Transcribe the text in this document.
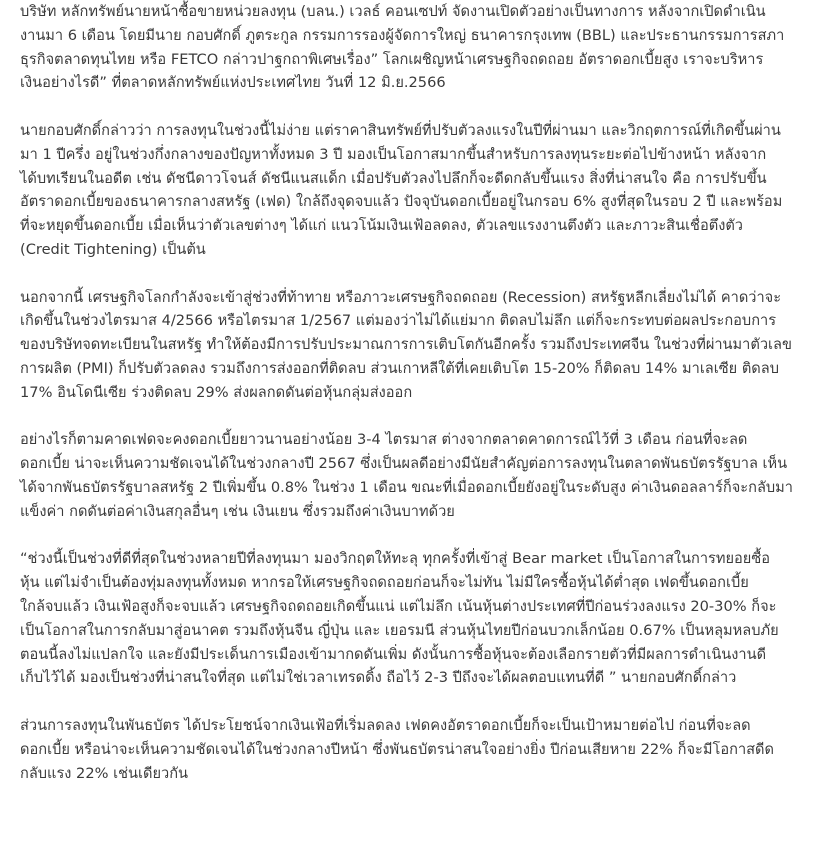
บริษัท หลักทรัพย์นายหน้าซื้อขายหน่วยลงทุน (บลน.) เวลธ์ คอนเซปท์ จัดงานเปิดตัวอย่างเป็นทางการ หลังจากเปิดดำเนิน
งานมา 6 เดือน โดยมีนาย กอบศักดิ์ ภูตระกูล กรรมการรองผู้จัดการใหญ่ ธนาคารกรุงเทพ (BBL) และประธานกรรมการสภา
ธุรกิจตลาดทุนไทย หรือ FETCO กล่าวปาฐกถาพิเศษเรื่อง” โลกเผชิญหน้าเศรษฐกิจถดถอย อัตราดอกเบี้ยสูง เราจะบริหาร
เงินอย่างไรดี” ที่ตลาดหลักทรัพย์แห่งประเทศไทย วันที่ 12 มิ.ย.2566

นายกอบศักดิ์กล่าวว่า การลงทุนในช่วงนี้ไม่ง่าย แต่ราคาสินทรัพย์ที่ปรับตัวลงแรงในปีที่ผ่านมา และวิกฤตการณ์ที่เกิดขึ้นผ่าน
มา 1 ปีครึ่ง อยู่ในช่วงกึ่งกลางของปัญหาทั้งหมด 3 ปี มองเป็นโอกาสมากขึ้นสำหรับการลงทุนระยะต่อไปข้างหน้า หลังจาก
ได้บทเรียนในอดีต เช่น ดัชนีดาวโจนส์ ดัชนีแนสแด็ก เมื่อปรับตัวลงไปลึกก็จะดีดกลับขึ้นแรง สิ่งที่น่าสนใจ คือ การปรับขึ้น
อัตราดอกเบี้ยของธนาคารกลางสหรัฐ (เฟด) ใกล้ถึงจุดจบแล้ว ปัจจุบันดอกเบี้ยอยู่ในกรอบ 6% สูงที่สุดในรอบ 2 ปี และพร้อม
ที่จะหยุดขึ้นดอกเบี้ย เมื่อเห็นว่าตัวเลขต่างๆ ได้แก่ แนวโน้มเงินเฟ้อลดลง, ตัวเลขแรงงานตึงตัว และภาวะสินเชื่อตึงตัว
(Credit Tightening) เป็นต้น

นอกจากนี้ เศรษฐกิจโลกกำลังจะเข้าสู่ช่วงที่ท้าทาย หรือภาวะเศรษฐกิจถดถอย (Recession) สหรัฐหลีกเลี่ยงไม่ได้ คาดว่าจะ
เกิดขึ้นในช่วงไตรมาส 4/2566 หรือไตรมาส 1/2567 แต่มองว่าไม่ได้แย่มาก ติดลบไม่ลึก แต่ก็จะกระทบต่อผลประกอบการ
ของบริษัทจดทะเบียนในสหรัฐ ทำให้ต้องมีการปรับประมาณการการเติบโตกันอีกครั้ง รวมถึงประเทศจีน ในช่วงที่ผ่านมาตัวเลข
การผลิต (PMI) ก็ปรับตัวลดลง รวมถึงการส่งออกที่ติดลบ ส่วนเกาหลีใต้ที่เคยเติบโต 15-20% ก็ติดลบ 14% มาเลเซีย ติดลบ
17% อินโดนีเซีย ร่วงติดลบ 29% ส่งผลกดดันต่อหุ้นกลุ่มส่งออก

อย่างไรก็ตามคาดเฟดจะคงดอกเบี้ยยาวนานอย่างน้อย 3-4 ไตรมาส ต่างจากตลาดคาดการณ์ไว้ที่ 3 เดือน ก่อนที่จะลด
ดอกเบี้ย น่าจะเห็นความชัดเจนได้ในช่วงกลางปี 2567 ซึ่งเป็นผลดีอย่างมีนัยสำคัญต่อการลงทุนในตลาดพันธบัตรรัฐบาล เห็น
ได้จากพันธบัตรรัฐบาลสหรัฐ 2 ปีเพิ่มขึ้น 0.8% ในช่วง 1 เดือน ขณะที่เมื่อดอกเบี้ยยังอยู่ในระดับสูง ค่าเงินดอลลาร์ก็จะกลับมา
แข็งค่า กดดันต่อค่าเงินสกุลอื่นๆ เช่น เงินเยน ซึ่งรวมถึงค่าเงินบาทด้วย

“ช่วงนี้เป็นช่วงที่ดีที่สุดในช่วงหลายปีที่ลงทุนมา มองวิกฤตให้ทะลุ ทุกครั้งที่เข้าสู่ Bear market เป็นโอกาสในการทยอยซื้อ
หุ้น แต่ไม่จำเป็นต้องทุ่มลงทุนทั้งหมด หากรอให้เศรษฐกิจถดถอยก่อนก็จะไม่ทัน ไม่มีใครซื้อหุ้นได้ต่ำสุด เฟดขึ้นดอกเบี้ย
ใกล้จบแล้ว เงินเฟ้อสูงก็จะจบแล้ว เศรษฐกิจถดถอยเกิดขึ้นแน่ แต่ไม่ลึก เน้นหุ้นต่างประเทศที่ปีก่อนร่วงลงแรง 20-30% ก็จะ
เป็นโอกาสในการกลับมาสู่อนาคต รวมถึงหุ้นจีน ญี่ปุ่น และ เยอรมนี ส่วนหุ้นไทยปีก่อนบวกเล็กน้อย 0.67% เป็นหลุมหลบภัย
ตอนนี้ลงไม่แปลกใจ และยังมีประเด็นการเมืองเข้ามากดดันเพิ่ม ดังนั้นการซื้อหุ้นจะต้องเลือกรายตัวที่มีผลการดำเนินงานดี
เก็บไว้ได้ มองเป็นช่วงที่น่าสนใจที่สุด แต่ไม่ใช่เวลาเทรดดิ้ง ถือไว้ 2-3 ปีถึงจะได้ผลตอบแทนที่ดี ” นายกอบศักดิ์กล่าว

ส่วนการลงทุนในพันธบัตร ได้ประโยชน์จากเงินเฟ้อที่เริ่มลดลง เฟดคงอัตราดอกเบี้ยก็จะเป็นเป้าหมายต่อไป ก่อนที่จะลด
ดอกเบี้ย หรือน่าจะเห็นความชัดเจนได้ในช่วงกลางปีหน้า ซึ่งพันธบัตรน่าสนใจอย่างยิ่ง ปีก่อนเสียหาย 22% ก็จะมีโอกาสดีด
กลับแรง 22% เช่นเดียวกัน
